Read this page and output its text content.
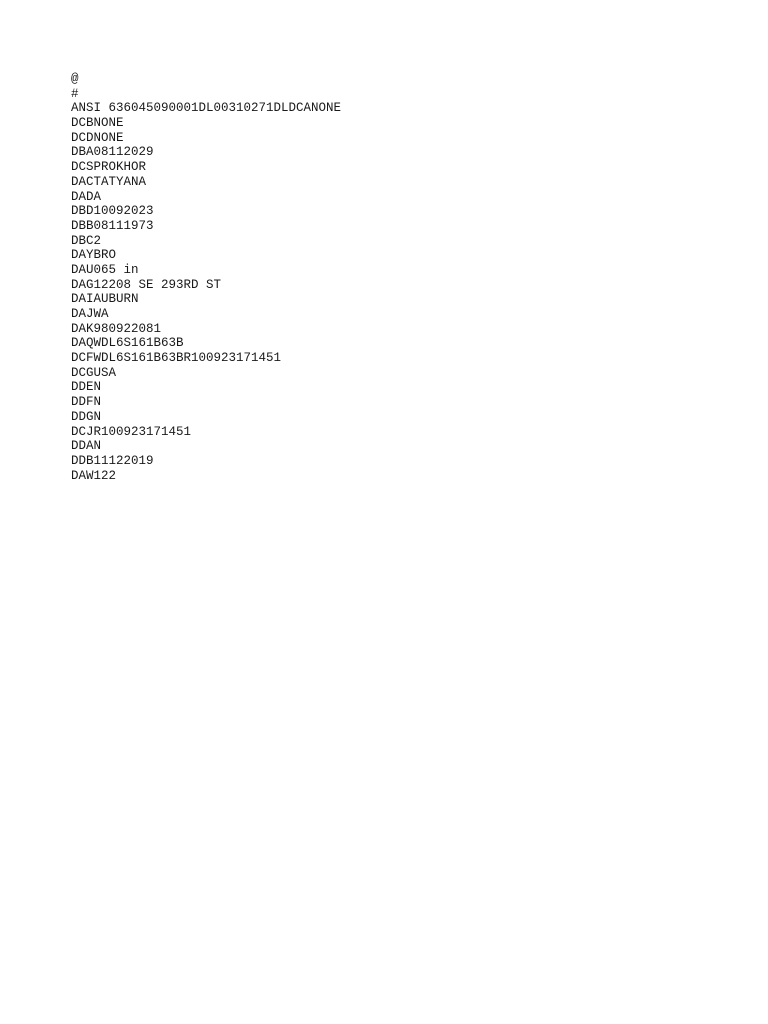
@
#
ANSI 636045090001DL00310271DLDCANONE
DCBNONE
DCDNONE
DBA08112029
DCSPROKHOR
DACTATYANA
DADA
DBD10092023
DBB08111973
DBC2
DAYBRO
DAU065 in
DAG12208 SE 293RD ST
DAIAUBURN
DAJWA
DAK980922081
DAQWDL6S161B63B
DCFWDL6S161B63BR100923171451
DCGUSA
DDEN
DDFN
DDGN
DCJR100923171451
DDAN
DDB11122019
DAW122
